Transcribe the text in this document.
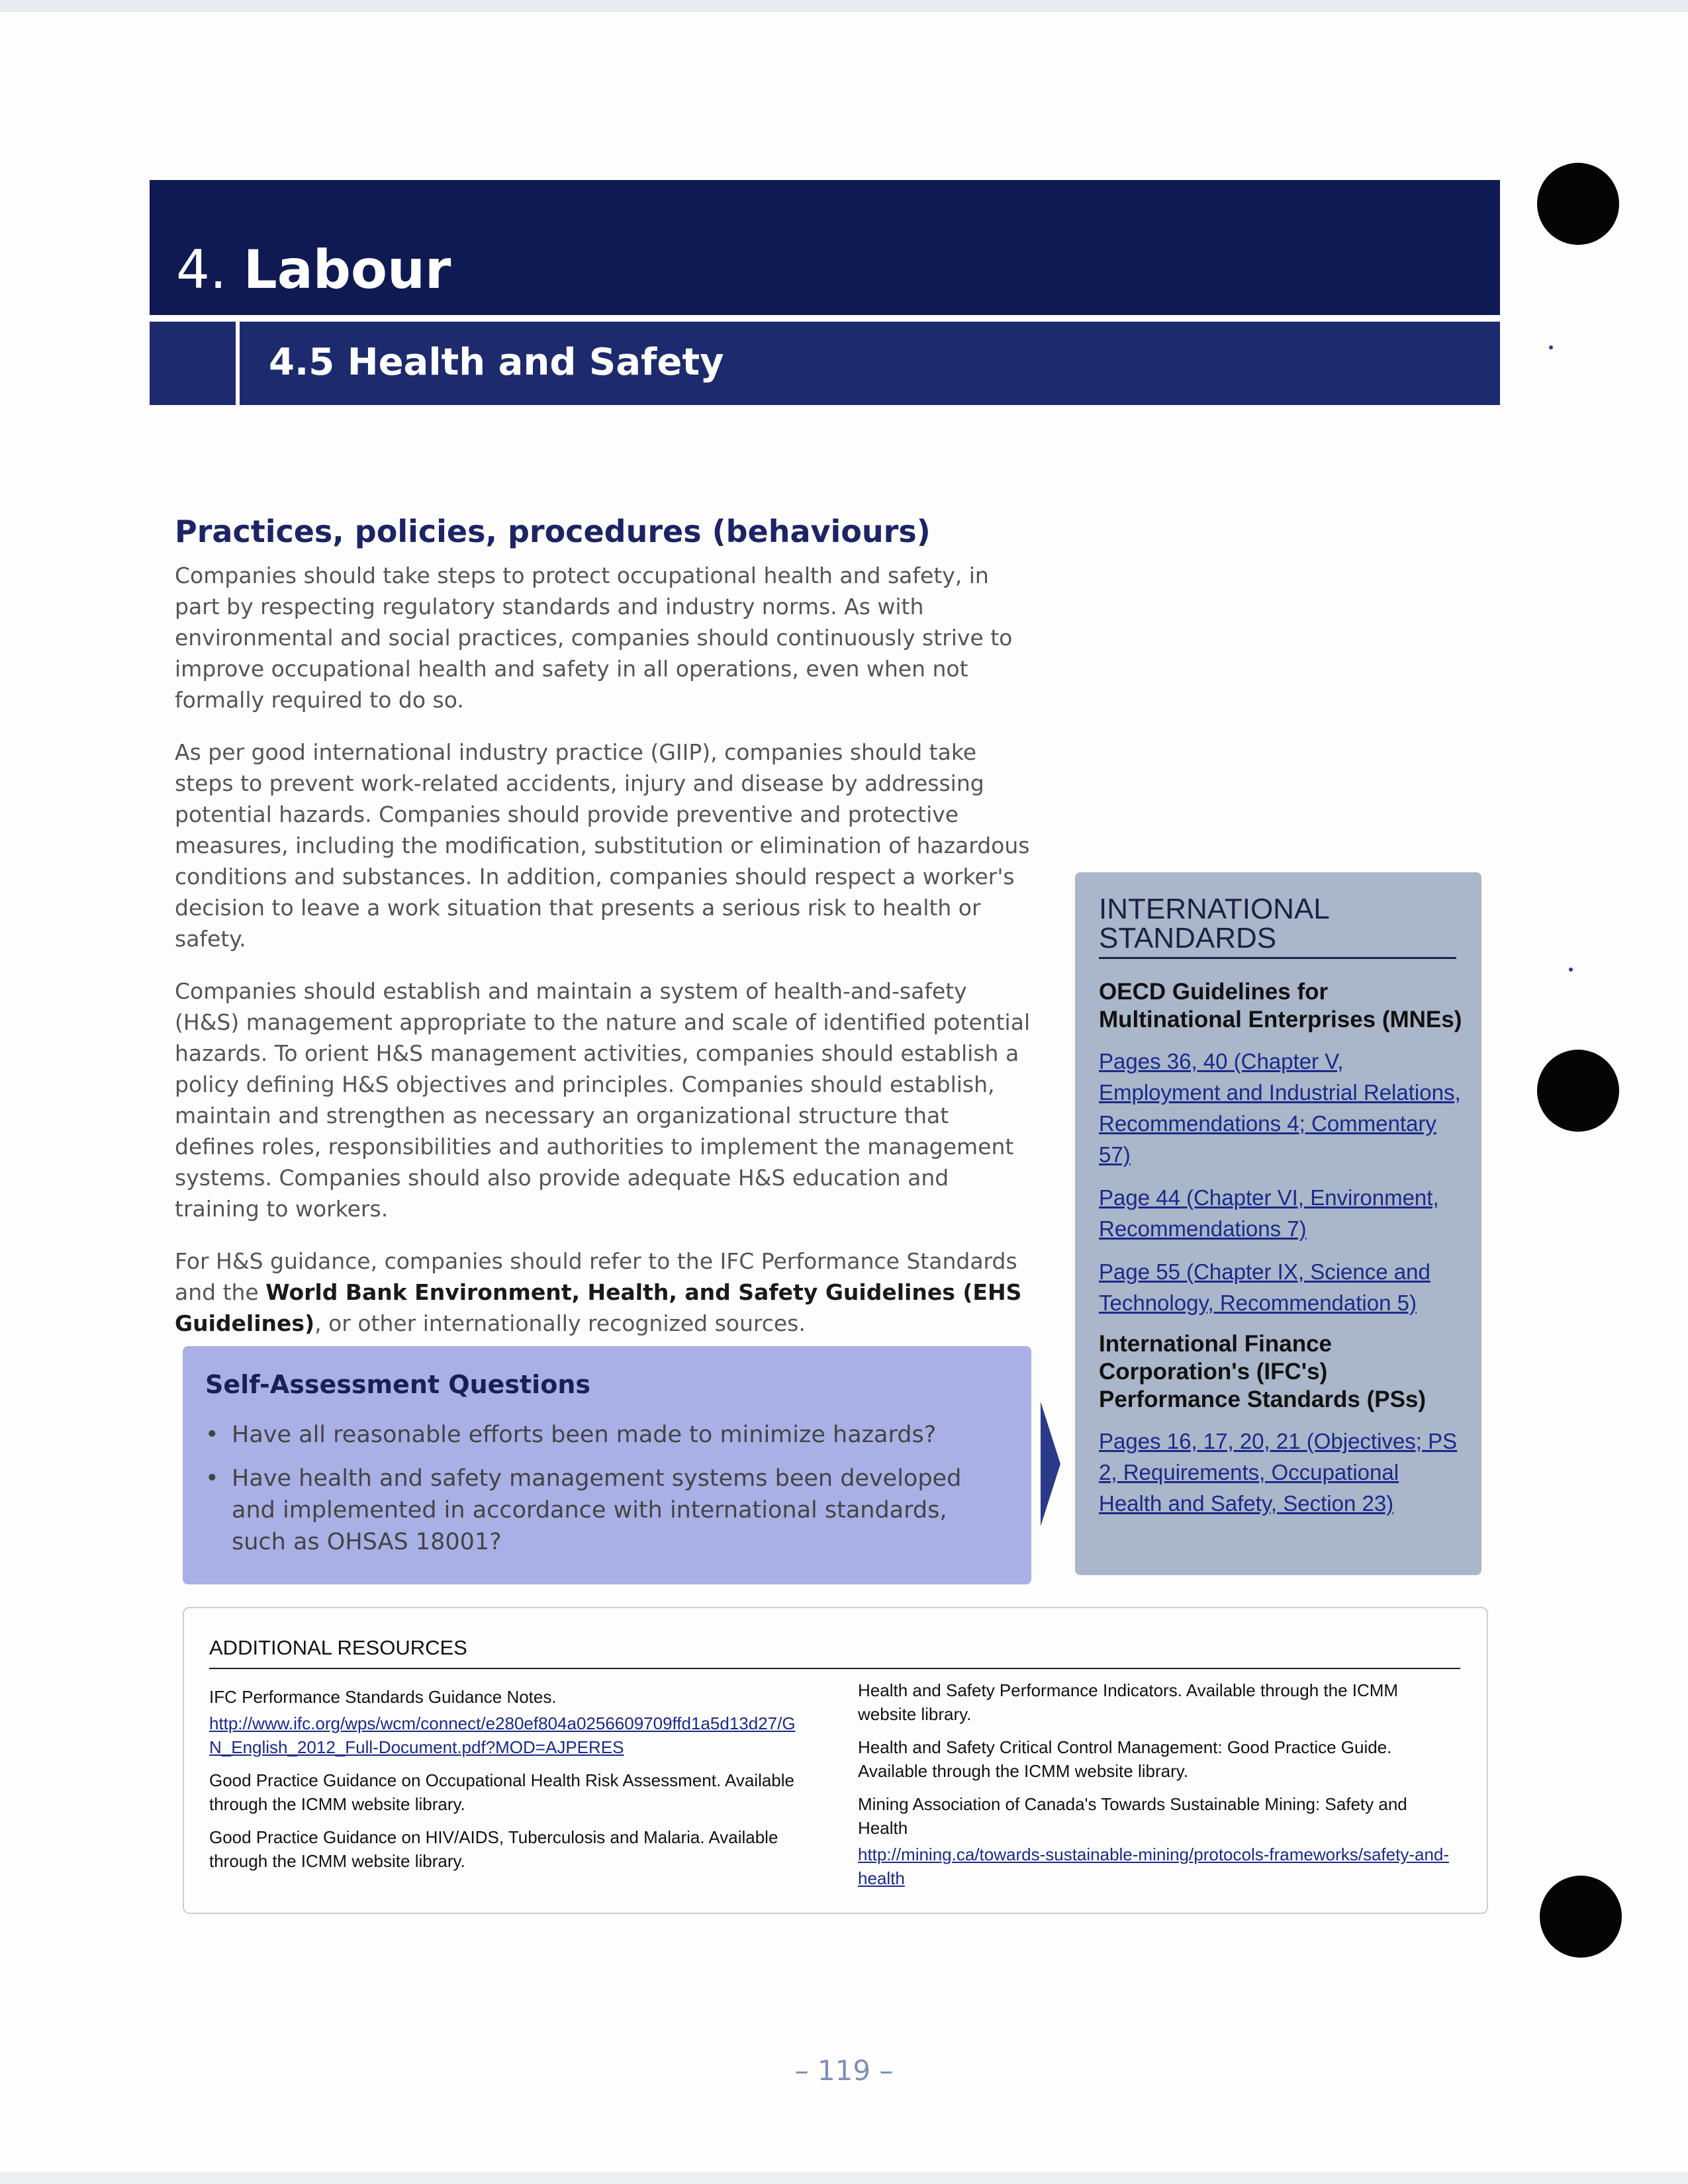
4. Labour
4.5 Health and Safety
Practices, policies, procedures (behaviours)

Companies should take steps to protect occupational health and safety, in part by respecting regulatory standards and industry norms. As with environmental and social practices, companies should continuously strive to improve occupational health and safety in all operations, even when not formally required to do so.

As per good international industry practice (GIIP), companies should take steps to prevent work-related accidents, injury and disease by addressing potential hazards. Companies should provide preventive and protective measures, including the modification, substitution or elimination of hazardous conditions and substances. In addition, companies should respect a worker's decision to leave a work situation that presents a serious risk to health or safety.

Companies should establish and maintain a system of health-and-safety (H&S) management appropriate to the nature and scale of identified potential hazards. To orient H&S management activities, companies should establish a policy defining H&S objectives and principles. Companies should establish, maintain and strengthen as necessary an organizational structure that defines roles, responsibilities and authorities to implement the management systems. Companies should also provide adequate H&S education and training to workers.

For H&S guidance, companies should refer to the IFC Performance Standards and the World Bank Environment, Health, and Safety Guidelines (EHS Guidelines), or other internationally recognized sources.

Self-Assessment Questions
• Have all reasonable efforts been made to minimize hazards?
• Have health and safety management systems been developed and implemented in accordance with international standards, such as OHSAS 18001?
INTERNATIONAL STANDARDS

OECD Guidelines for Multinational Enterprises (MNEs)

Pages 36, 40 (Chapter V, Employment and Industrial Relations, Recommendations 4; Commentary 57)
Page 44 (Chapter VI, Environment, Recommendations 7)
Page 55 (Chapter IX, Science and Technology, Recommendation 5)

International Finance Corporation's (IFC's) Performance Standards (PSs)

Pages 16, 17, 20, 21 (Objectives; PS 2, Requirements, Occupational Health and Safety, Section 23)
ADDITIONAL RESOURCES

IFC Performance Standards Guidance Notes.

http://www.ifc.org/wps/wcm/connect/e280ef804a0256609709ffd1a5d13d27/GN_English_2012_Full-Document.pdf?MOD=AJPERES

Good Practice Guidance on Occupational Health Risk Assessment. Available through the ICMM website library.

Good Practice Guidance on HIV/AIDS, Tuberculosis and Malaria. Available through the ICMM website library.

Health and Safety Performance Indicators. Available through the ICMM website library.

Health and Safety Critical Control Management: Good Practice Guide. Available through the ICMM website library.

Mining Association of Canada's Towards Sustainable Mining: Safety and Health

http://mining.ca/towards-sustainable-mining/protocols-frameworks/safety-and-health
– 119 –
